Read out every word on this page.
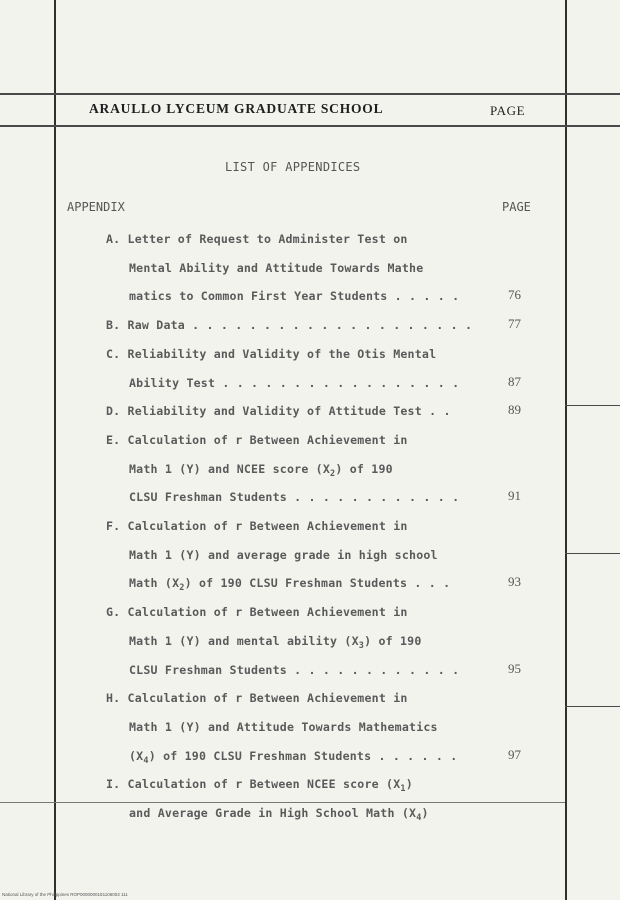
ARAULLO LYCEUM GRADUATE SCHOOL	PAGE
LIST OF APPENDICES
APPENDIX	PAGE
A. Letter of Request to Administer Test on
Mental Ability and Attitude Towards Mathe
matics to Common First Year Students . . . . .	76
B. Raw Data . . . . . . . . . . . . . . . . . . . .	77
C. Reliability and Validity of the Otis Mental
Ability Test . . . . . . . . . . . . . . . . .	87
D. Reliability and Validity of Attitude Test . .	89
E. Calculation of r Between Achievement in
Math 1 (Y) and NCEE score $(X_2)$ of 190
CLSU Freshman Students . . . . . . . . . . . .	91
F. Calculation of r Between Achievement in
Math 1 (Y) and average grade in high school
Math $(X_2)$ of 190 CLSU Freshman Students . . .	93
G. Calculation of r Between Achievement in
Math 1 (Y) and mental ability $(X_3)$ of 190
CLSU Freshman Students . . . . . . . . . . . .	95
H. Calculation of r Between Achievement in
Math 1 (Y) and Attitude Towards Mathematics
$(X_4)$ of 190 CLSU Freshman Students . . . . . .	97
I. Calculation of r Between NCEE score $(X_1)$
and Average Grade in High School Math $(X_4)$
National Library of the Philippines ROP0000000181106003 111
